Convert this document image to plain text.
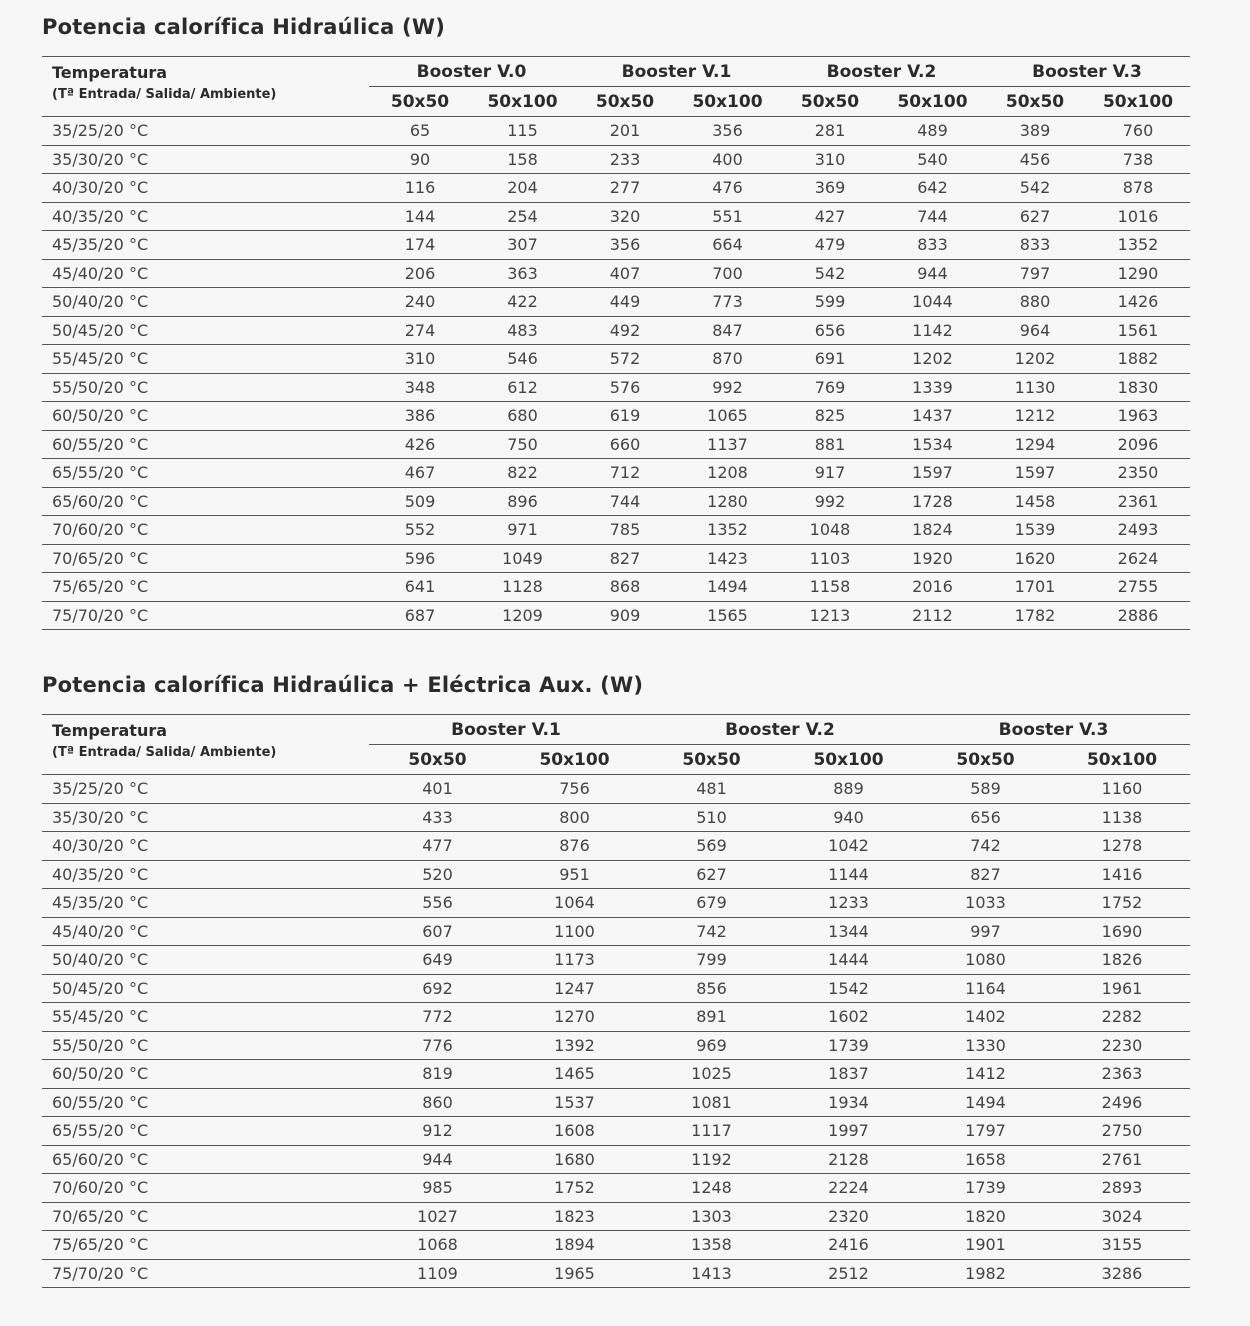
Potencia calorífica Hidraúlica (W)
Temperatura
(Tª Entrada/ Salida/ Ambiente)	Booster V.0		Booster V.1		Booster V.2		Booster V.3	
	50x50	50x100	50x50	50x100	50x50	50x100	50x50	50x100
35/25/20 °C	65	115	201	356	281	489	389	760
35/30/20 °C	90	158	233	400	310	540	456	738
40/30/20 °C	116	204	277	476	369	642	542	878
40/35/20 °C	144	254	320	551	427	744	627	1016
45/35/20 °C	174	307	356	664	479	833	833	1352
45/40/20 °C	206	363	407	700	542	944	797	1290
50/40/20 °C	240	422	449	773	599	1044	880	1426
50/45/20 °C	274	483	492	847	656	1142	964	1561
55/45/20 °C	310	546	572	870	691	1202	1202	1882
55/50/20 °C	348	612	576	992	769	1339	1130	1830
60/50/20 °C	386	680	619	1065	825	1437	1212	1963
60/55/20 °C	426	750	660	1137	881	1534	1294	2096
65/55/20 °C	467	822	712	1208	917	1597	1597	2350
65/60/20 °C	509	896	744	1280	992	1728	1458	2361
70/60/20 °C	552	971	785	1352	1048	1824	1539	2493
70/65/20 °C	596	1049	827	1423	1103	1920	1620	2624
75/65/20 °C	641	1128	868	1494	1158	2016	1701	2755
75/70/20 °C	687	1209	909	1565	1213	2112	1782	2886
Potencia calorífica Hidraúlica + Eléctrica Aux. (W)
Temperatura
(Tª Entrada/ Salida/ Ambiente)	Booster V.1		Booster V.2		Booster V.3	
	50x50	50x100	50x50	50x100	50x50	50x100
35/25/20 °C	401	756	481	889	589	1160
35/30/20 °C	433	800	510	940	656	1138
40/30/20 °C	477	876	569	1042	742	1278
40/35/20 °C	520	951	627	1144	827	1416
45/35/20 °C	556	1064	679	1233	1033	1752
45/40/20 °C	607	1100	742	1344	997	1690
50/40/20 °C	649	1173	799	1444	1080	1826
50/45/20 °C	692	1247	856	1542	1164	1961
55/45/20 °C	772	1270	891	1602	1402	2282
55/50/20 °C	776	1392	969	1739	1330	2230
60/50/20 °C	819	1465	1025	1837	1412	2363
60/55/20 °C	860	1537	1081	1934	1494	2496
65/55/20 °C	912	1608	1117	1997	1797	2750
65/60/20 °C	944	1680	1192	2128	1658	2761
70/60/20 °C	985	1752	1248	2224	1739	2893
70/65/20 °C	1027	1823	1303	2320	1820	3024
75/65/20 °C	1068	1894	1358	2416	1901	3155
75/70/20 °C	1109	1965	1413	2512	1982	3286
